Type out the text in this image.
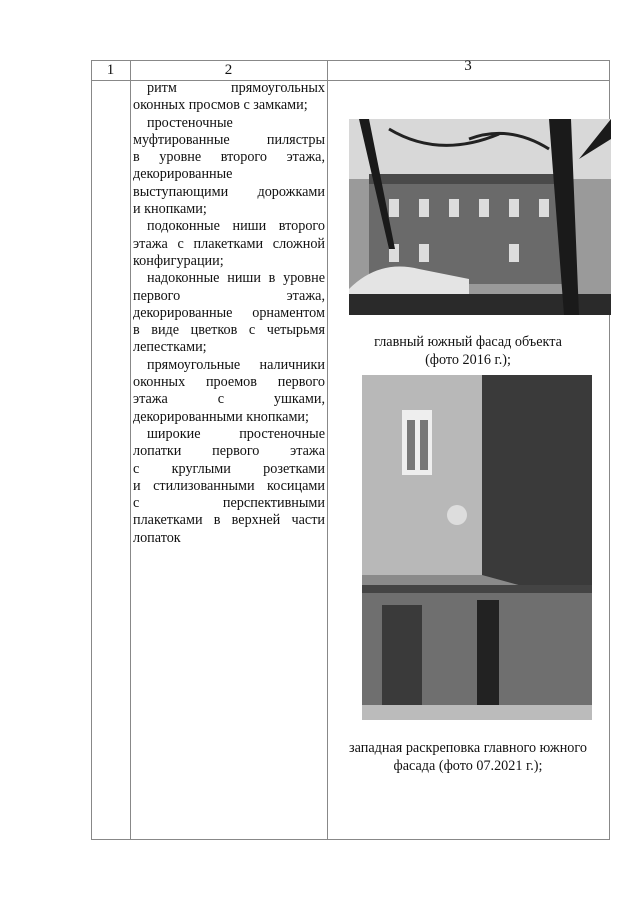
1	2	3
ритм прямоугольных
оконных просмов с замками;
простеночные
муфтированные пилястры
в уровне второго этажа,
декорированные
выступающими дорожками
и кнопками;
подоконные ниши второго
этажа с плакетками сложной
конфигурации;
надоконные ниши в уровне
первого этажа,
декорированные орнаментом
в виде цветков с четырьмя
лепестками;
прямоугольные наличники
оконных проемов первого
этажа с ушками,
декорированными кнопками;
широкие простеночные
лопатки первого этажа
с круглыми розетками
и стилизованными косицами
с перспективными
плакетками в верхней части
лопаток
главный южный фасад объекта
(фото 2016 г.);
западная раскреповка главного южного
фасада (фото 07.2021 г.);
